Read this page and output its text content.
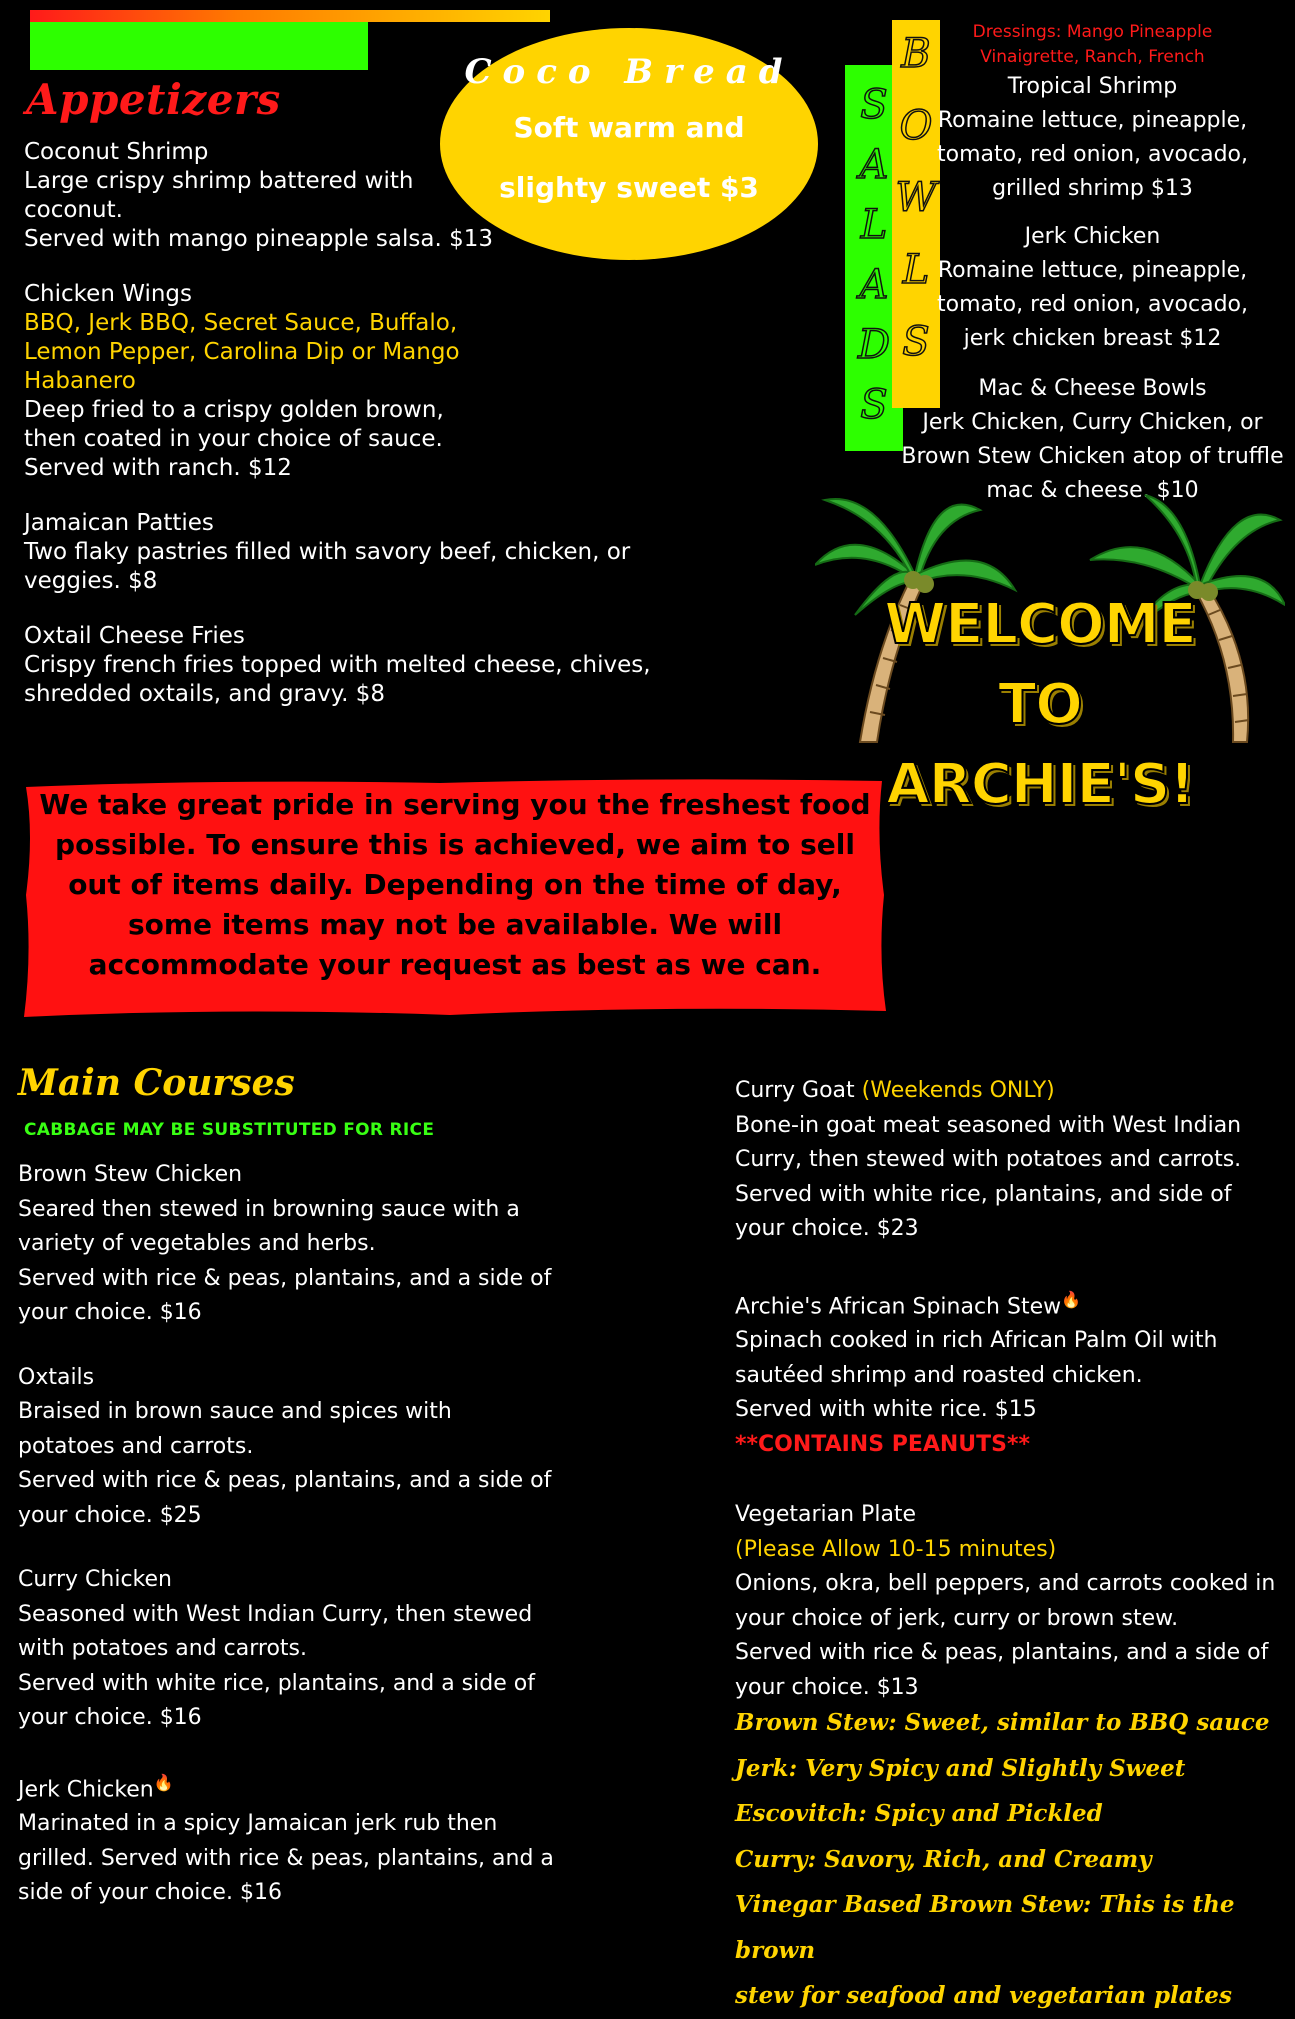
Appetizers
Coconut Shrimp
Large crispy shrimp battered with
coconut.
Served with mango pineapple salsa. $13
Chicken Wings
BBQ, Jerk BBQ, Secret Sauce, Buffalo,
Lemon Pepper, Carolina Dip or Mango
Habanero
Deep fried to a crispy golden brown,
then coated in your choice of sauce.
Served with ranch. $12
Jamaican Patties
Two flaky pastries filled with savory beef, chicken, or
veggies. $8
Oxtail Cheese Fries
Crispy french fries topped with melted cheese, chives,
shredded oxtails, and gravy. $8
Coco Bread
Soft warm and
slighty sweet $3
S
A
L
A
D
S
B
O
W
L
S
Dressings: Mango Pineapple
Vinaigrette, Ranch, French
Tropical Shrimp
Romaine lettuce, pineapple,
tomato, red onion, avocado,
grilled shrimp $13
Jerk Chicken
Romaine lettuce, pineapple,
tomato, red onion, avocado,
jerk chicken breast $12
Mac & Cheese Bowls
Jerk Chicken, Curry Chicken, or
Brown Stew Chicken atop of truffle
mac & cheese. $10
WELCOME
TO
ARCHIE'S!
We take great pride in serving you the freshest food possible. To ensure this is achieved, we aim to sell out of items daily. Depending on the time of day, some items may not be available. We will accommodate your request as best as we can.
Main Courses
CABBAGE MAY BE SUBSTITUTED FOR RICE
Brown Stew Chicken
Seared then stewed in browning sauce with a
variety of vegetables and herbs.
Served with rice & peas, plantains, and a side of
your choice. $16
Oxtails
Braised in brown sauce and spices with
potatoes and carrots.
Served with rice & peas, plantains, and a side of
your choice. $25
Curry Chicken
Seasoned with West Indian Curry, then stewed
with potatoes and carrots.
Served with white rice, plantains, and a side of
your choice. $16
Jerk Chicken🔥
Marinated in a spicy Jamaican jerk rub then
grilled. Served with rice & peas, plantains, and a
side of your choice. $16
Curry Goat (Weekends ONLY)
Bone-in goat meat seasoned with West Indian
Curry, then stewed with potatoes and carrots.
Served with white rice, plantains, and side of
your choice. $23
Archie's African Spinach Stew🔥
Spinach cooked in rich African Palm Oil with
sautéed shrimp and roasted chicken.
Served with white rice. $15
**CONTAINS PEANUTS**
Vegetarian Plate
(Please Allow 10-15 minutes)
Onions, okra, bell peppers, and carrots cooked in
your choice of jerk, curry or brown stew.
Served with rice & peas, plantains, and a side of
your choice. $13
Brown Stew: Sweet, similar to BBQ sauce
Jerk: Very Spicy and Slightly Sweet
Escovitch: Spicy and Pickled
Curry: Savory, Rich, and Creamy
Vinegar Based Brown Stew: This is the brown
stew for seafood and vegetarian plates
